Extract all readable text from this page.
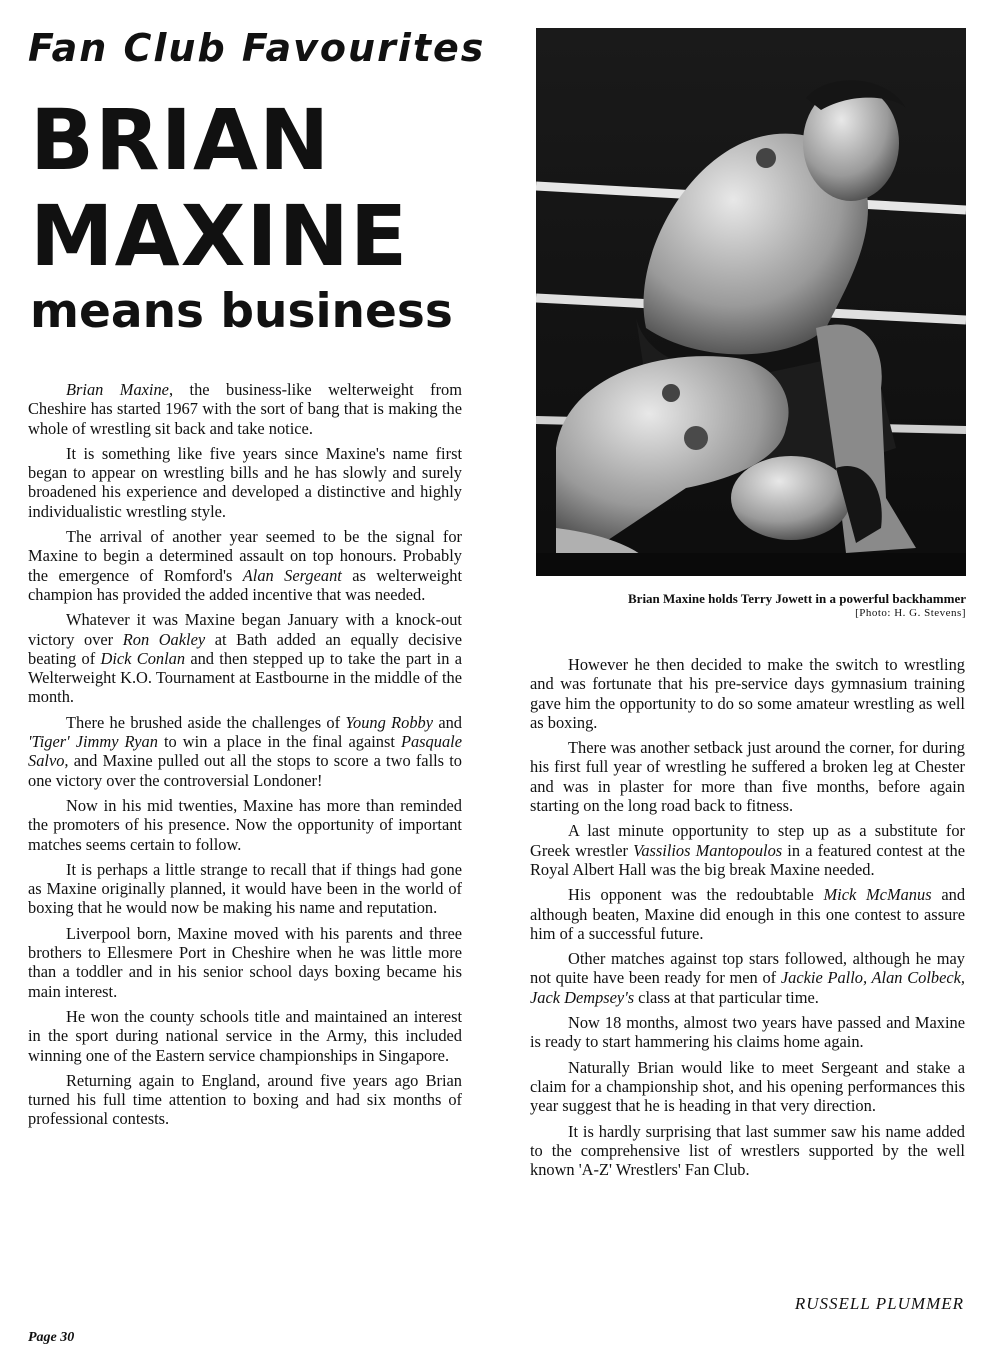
Fan Club Favourites
BRIAN
MAXINE
means business

Brian Maxine, the business-like welterweight from Cheshire has started 1967 with the sort of bang that is making the whole of wrestling sit back and take notice.

It is something like five years since Maxine's name first began to appear on wrestling bills and he has slowly and surely broadened his experience and developed a distinctive and highly individualistic wrestling style.

The arrival of another year seemed to be the signal for Maxine to begin a determined assault on top honours. Probably the emergence of Romford's Alan Sergeant as welterweight champion has provided the added incentive that was needed.

Whatever it was Maxine began January with a knock-out victory over Ron Oakley at Bath added an equally decisive beating of Dick Conlan and then stepped up to take the part in a Welterweight K.O. Tournament at Eastbourne in the middle of the month.

There he brushed aside the challenges of Young Robby and 'Tiger' Jimmy Ryan to win a place in the final against Pasquale Salvo, and Maxine pulled out all the stops to score a two falls to one victory over the controversial Londoner!

Now in his mid twenties, Maxine has more than reminded the promoters of his presence. Now the opportunity of important matches seems certain to follow.

It is perhaps a little strange to recall that if things had gone as Maxine originally planned, it would have been in the world of boxing that he would now be making his name and reputation.

Liverpool born, Maxine moved with his parents and three brothers to Ellesmere Port in Cheshire when he was little more than a toddler and in his senior school days boxing became his main interest.

He won the county schools title and maintained an interest in the sport during national service in the Army, this included winning one of the Eastern service championships in Singapore.

Returning again to England, around five years ago Brian turned his full time attention to boxing and had six months of professional contests.

Brian Maxine holds Terry Jowett in a powerful backhammer
[Photo: H. G. Stevens]

However he then decided to make the switch to wrestling and was fortunate that his pre-service days gymnasium training gave him the opportunity to do so some amateur wrestling as well as boxing.

There was another setback just around the corner, for during his first full year of wrestling he suffered a broken leg at Chester and was in plaster for more than five months, before again starting on the long road back to fitness.

A last minute opportunity to step up as a substitute for Greek wrestler Vassilios Mantopoulos in a featured contest at the Royal Albert Hall was the big break Maxine needed.

His opponent was the redoubtable Mick McManus and although beaten, Maxine did enough in this one contest to assure him of a successful future.

Other matches against top stars followed, although he may not quite have been ready for men of Jackie Pallo, Alan Colbeck, Jack Dempsey's class at that particular time.

Now 18 months, almost two years have passed and Maxine is ready to start hammering his claims home again.

Naturally Brian would like to meet Sergeant and stake a claim for a championship shot, and his opening performances this year suggest that he is heading in that very direction.

It is hardly surprising that last summer saw his name added to the comprehensive list of wrestlers supported by the well known 'A-Z' Wrestlers' Fan Club.

RUSSELL PLUMMER
Page 30
